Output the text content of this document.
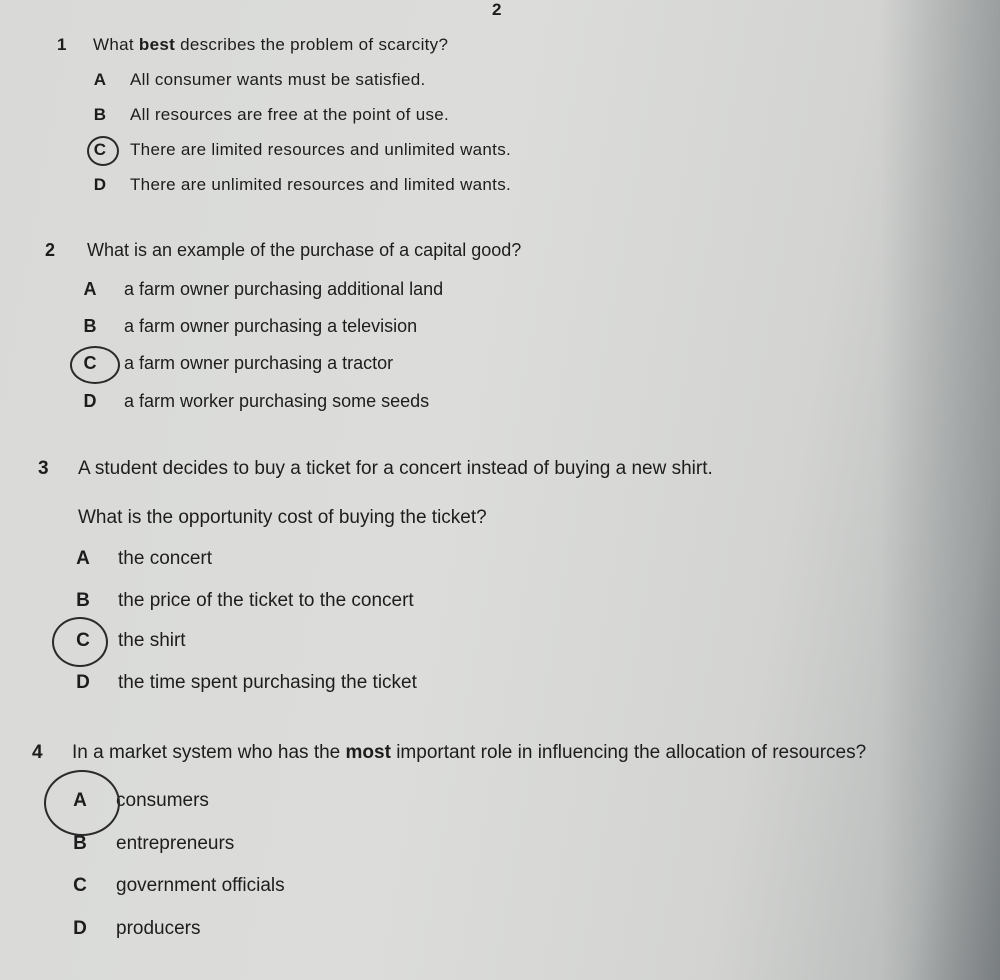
2
1 What best describes the problem of scarcity?
A	All consumer wants must be satisfied.
B	All resources are free at the point of use.
C	There are limited resources and unlimited wants.
D	There are unlimited resources and limited wants.
2 What is an example of the purchase of a capital good?
A	a farm owner purchasing additional land
B	a farm owner purchasing a television
C	a farm owner purchasing a tractor
D	a farm worker purchasing some seeds
3 A student decides to buy a ticket for a concert instead of buying a new shirt.
What is the opportunity cost of buying the ticket?
A the concert
B the price of the ticket to the concert
C the shirt
D the time spent purchasing the ticket
4 In a market system who has the most important role in influencing the allocation of resources?
A consumers
B entrepreneurs
C government officials
D producers
